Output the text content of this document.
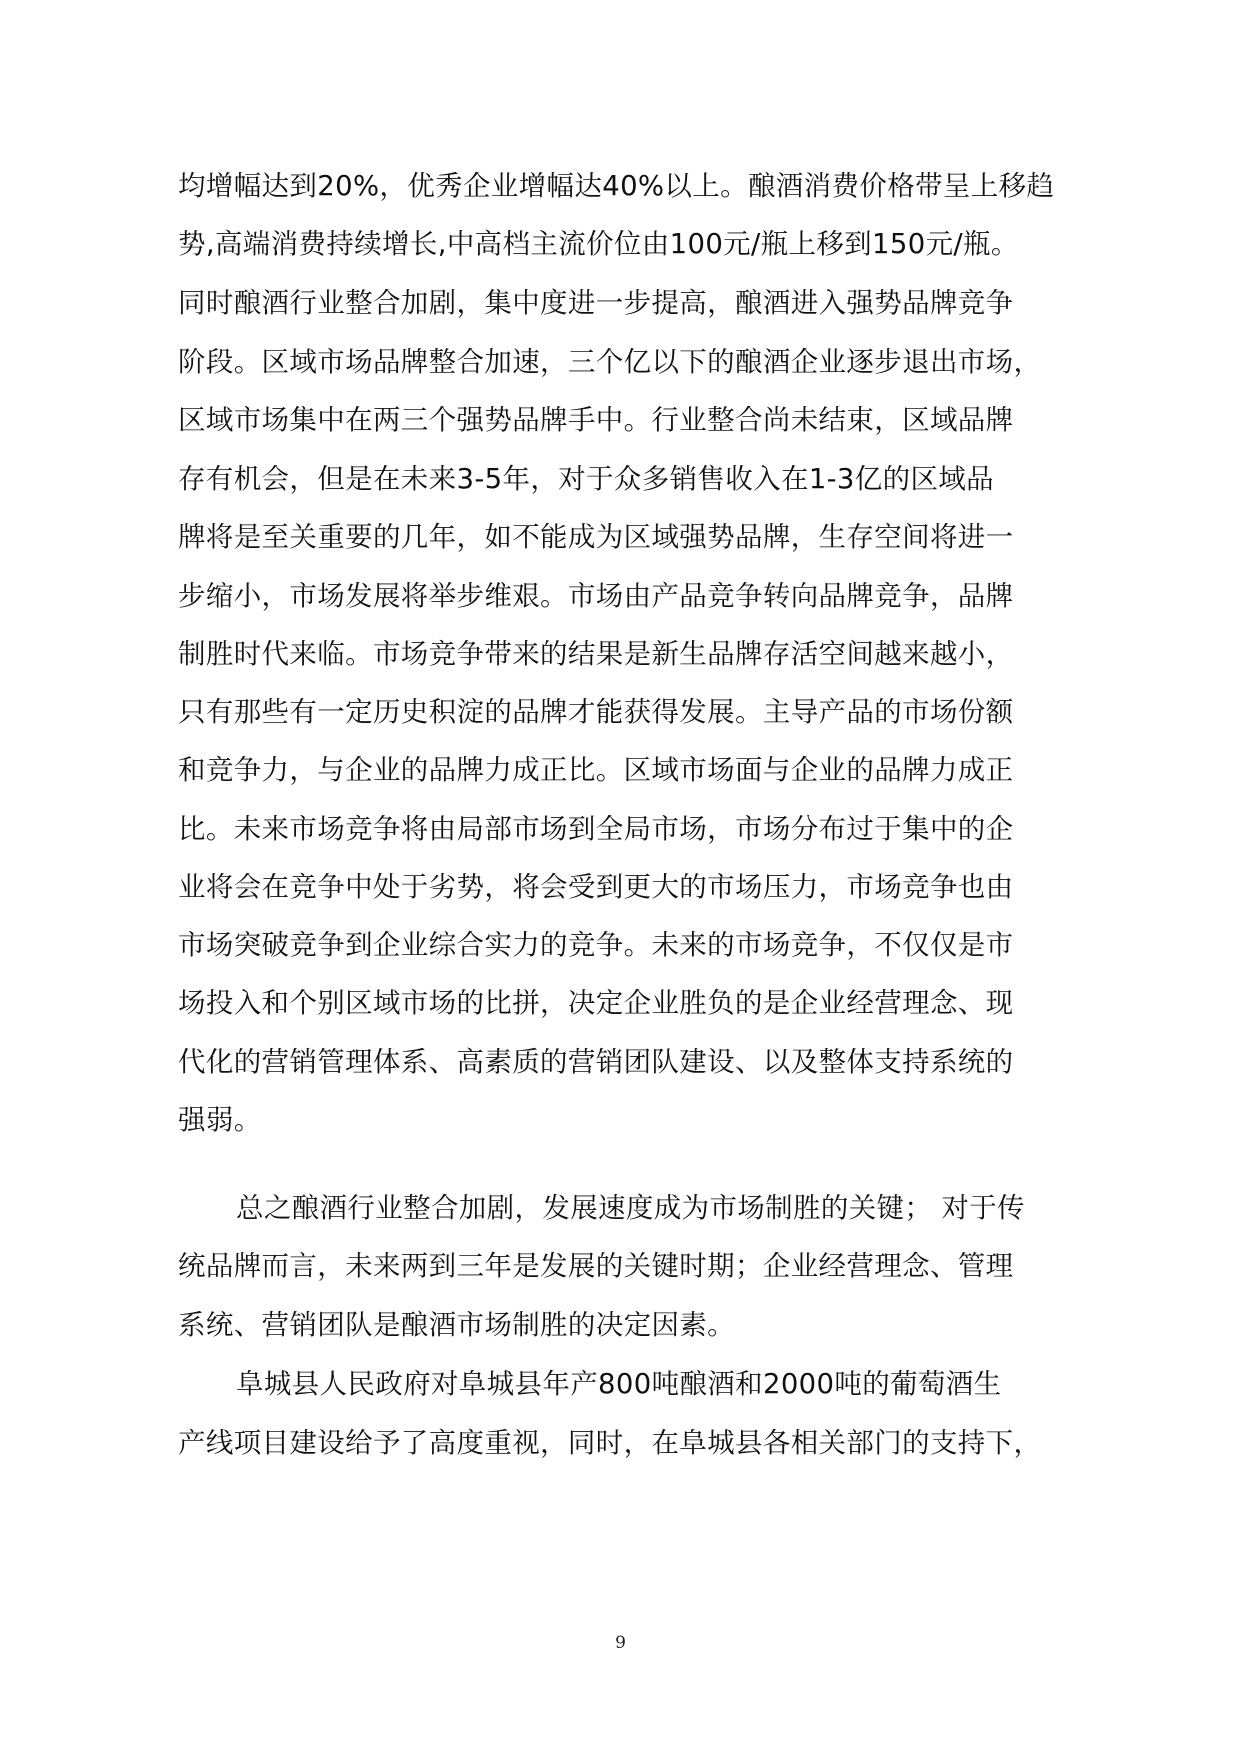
均增幅达到20%，优秀企业增幅达40%以上。酿酒消费价格带呈上移趋
势,高端消费持续增长,中高档主流价位由100元/瓶上移到150元/瓶。
同时酿酒行业整合加剧，集中度进一步提高，酿酒进入强势品牌竞争
阶段。区域市场品牌整合加速，三个亿以下的酿酒企业逐步退出市场，
区域市场集中在两三个强势品牌手中。行业整合尚未结束，区域品牌
存有机会，但是在未来3-5年，对于众多销售收入在1-3亿的区域品
牌将是至关重要的几年，如不能成为区域强势品牌，生存空间将进一
步缩小，市场发展将举步维艰。市场由产品竞争转向品牌竞争，品牌
制胜时代来临。市场竞争带来的结果是新生品牌存活空间越来越小，
只有那些有一定历史积淀的品牌才能获得发展。主导产品的市场份额
和竞争力，与企业的品牌力成正比。区域市场面与企业的品牌力成正
比。未来市场竞争将由局部市场到全局市场，市场分布过于集中的企
业将会在竞争中处于劣势，将会受到更大的市场压力，市场竞争也由
市场突破竞争到企业综合实力的竞争。未来的市场竞争，不仅仅是市
场投入和个别区域市场的比拼，决定企业胜负的是企业经营理念、现
代化的营销管理体系、高素质的营销团队建设、以及整体支持系统的
强弱。
总之酿酒行业整合加剧，发展速度成为市场制胜的关键； 对于传
统品牌而言，未来两到三年是发展的关键时期；企业经营理念、管理
系统、营销团队是酿酒市场制胜的决定因素。
阜城县人民政府对阜城县年产800吨酿酒和2000吨的葡萄酒生
产线项目建设给予了高度重视，同时，在阜城县各相关部门的支持下，
9
